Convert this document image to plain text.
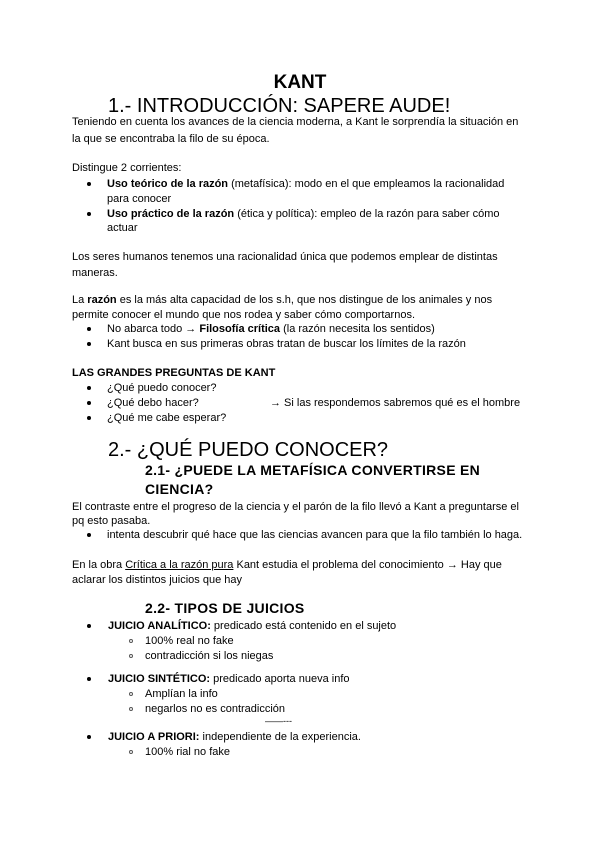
KANT
1.- INTRODUCCIÓN: SAPERE AUDE!
Teniendo en cuenta los avances de la ciencia moderna, a Kant le sorprendía la situación en
la que se encontraba la filo de su época.
Distingue 2 corrientes:
Uso teórico de la razón (metafísica): modo en el que empleamos la racionalidad
para conocer
Uso práctico de la razón (ética y política): empleo de la razón para saber cómo
actuar
Los seres humanos tenemos una racionalidad única que podemos emplear de distintas
maneras.
La razón es la más alta capacidad de los s.h, que nos distingue de los animales y nos
permite conocer el mundo que nos rodea y saber cómo comportarnos.
No abarca todo → Filosofía crítica (la razón necesita los sentidos)
Kant busca en sus primeras obras tratan de buscar los límites de la razón
LAS GRANDES PREGUNTAS DE KANT
¿Qué puedo conocer?
¿Qué debo hacer?	→ Si las respondemos sabremos qué es el hombre
¿Qué me cabe esperar?
2.- ¿QUÉ PUEDO CONOCER?
2.1- ¿PUEDE LA METAFÍSICA CONVERTIRSE EN
CIENCIA?
El contraste entre el progreso de la ciencia y el parón de la filo llevó a Kant a preguntarse el
pq esto pasaba.
intenta descubrir qué hace que las ciencias avancen para que la filo también lo haga.
En la obra Crítica a la razón pura Kant estudia el problema del conocimiento → Hay que
aclarar los distintos juicios que hay
2.2- TIPOS DE JUICIOS
JUICIO ANALÍTICO: predicado está contenido en el sujeto
100% real no fake
contradicción si los niegas
JUICIO SINTÉTICO: predicado aporta nueva info
Amplían la info
negarlos no es contradicción
——---
JUICIO A PRIORI: independiente de la experiencia.
100% rial no fake
